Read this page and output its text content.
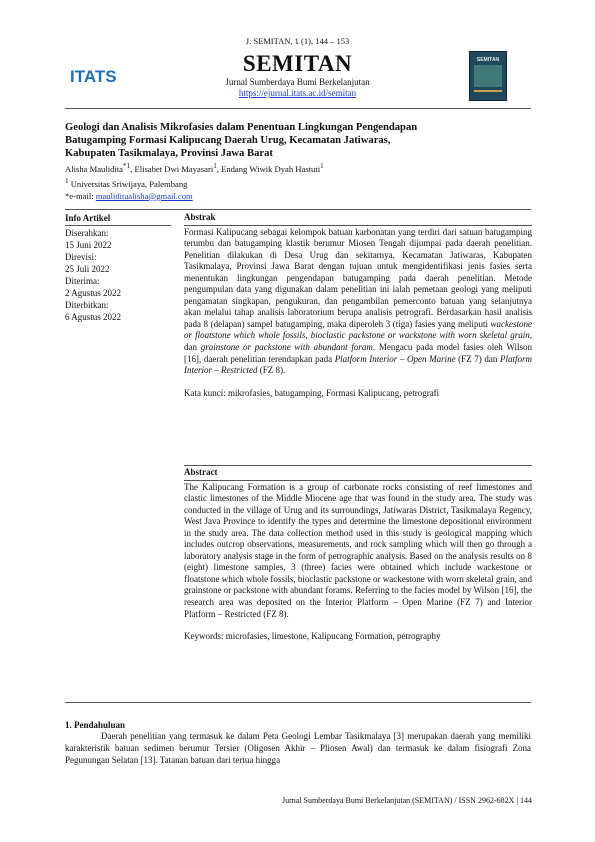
J. SEMITAN, 1 (1), 144 – 153
ITATS
SEMITAN
Jurnal Sumberdaya Bumi Berkelanjutan
https://ejurnal.itats.ac.id/semitan
SEMITAN
Geologi dan Analisis Mikrofasies dalam Penentuan Lingkungan Pengendapan
Batugamping Formasi Kalipucang Daerah Urug, Kecamatan Jatiwaras,
Kabupaten Tasikmalaya, Provinsi Jawa Barat
Alisha Maulidita$^{*1}$, Elisabet Dwi Mayasari$^1$, Endang Wiwik Dyah Hastuti$^1$
$^1$ Universitas Sriwijaya, Palembang
*e-mail: mauliditaalisha@gmail.com
Info Artikel
Diserahkan:
15 Juni 2022
Direvisi:
25 Juli 2022
Diterima:
2 Agustus 2022
Diterbitkan:
6 Agustus 2022
Abstrak
Formasi Kalipucang sebagai kelompok batuan karbonatan yang terdiri dari satuan batugamping terumbu dan batugamping klastik berumur Miosen Tengah dijumpai pada daerah penelitian. Penelitian dilakukan di Desa Urug dan sekitarnya, Kecamatan Jatiwaras, Kabupaten Tasikmalaya, Provinsi Jawa Barat dengan tujuan untuk mengidentifikasi jenis fasies serta menentukan lingkungan pengendapan batugamping pada daerah penelitian. Metode pengumpulan data yang digunakan dalam penelitian ini ialah pemetaan geologi yang meliputi pengamatan singkapan, pengukuran, dan pengambilan pemerconto batuan yang selanjutnya akan melalui tahap analisis laboratorium berupa analisis petrografi. Berdasarkan hasil analisis pada 8 (delapan) sampel batugamping, maka diperoleh 3 (tiga) fasies yang meliputi wackestone or floatstone which whole fossils, bioclastic packstone or wackstone with worn skeletal grain, dan grainstone or packstone with abundant foram. Mengacu pada model fasies oleh Wilson [16], daerah penelitian terendapkan pada Platform Interior – Open Marine (FZ 7) dan Platform Interior – Restricted (FZ 8).
Kata kunci: mikrofasies, batugamping, Formasi Kalipucang, petrografi
Abstract
The Kalipucang Formation is a group of carbonate rocks consisting of reef limestones and clastic limestones of the Middle Miocene age that was found in the study area. The study was conducted in the village of Urug and its surroundings, Jatiwaras District, Tasikmalaya Regency, West Java Province to identify the types and determine the limestone depositional environment in the study area. The data collection method used in this study is geological mapping which includes outcrop observations, measurements, and rock sampling which will then go through a laboratory analysis stage in the form of petrographic analysis. Based on the analysis results on 8 (eight) limestone samples, 3 (three) facies were obtained which include wackestone or floatstone which whole fossils, bioclastic packstone or wackestone with worn skeletal grain, and grainstone or packstone with abundant forams. Referring to the facies model by Wilson [16], the research area was deposited on the Interior Platform – Open Marine (FZ 7) and Interior Platform – Restricted (FZ 8).
Keywords: microfasies, limestone, Kalipucang Formation, petrography
1. Pendahuluan
Daerah penelitian yang termasuk ke dalam Peta Geologi Lembar Tasikmalaya [3] merupakan daerah yang memiliki karakteristik batuan sedimen berumur Tersier (Oligosen Akhir – Pliosen Awal) dan termasuk ke dalam fisiografi Zona Pegunungan Selatan [13]. Tatanan batuan dari tertua hingga
Jurnal Sumberdaya Bumi Berkelanjutan (SEMITAN) / ISSN 2962-682X | 144
